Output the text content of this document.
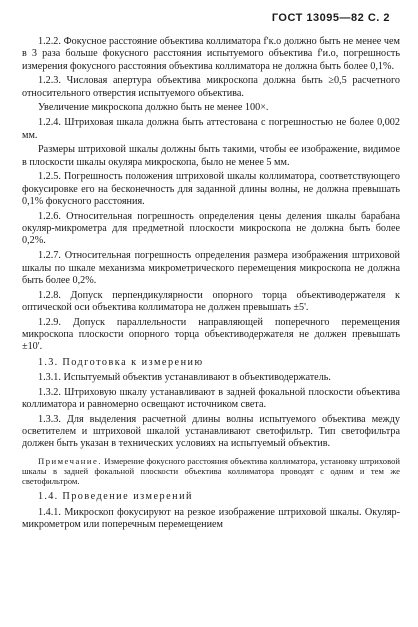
ГОСТ 13095—82 С. 2

1.2.2. Фокусное расстояние объектива коллиматора f'к.о должно быть не менее чем в 3 раза больше фокусного расстояния испытуемого объектива f'и.о, погрешность измерения фокусного расстояния объектива коллиматора не должна быть более 0,1%.

1.2.3. Числовая апертура объектива микроскопа должна быть ≥0,5 расчетного относительного отверстия испытуемого объектива.

Увеличение микроскопа должно быть не менее 100×.

1.2.4. Штриховая шкала должна быть аттестована с погрешностью не более 0,002 мм.

Размеры штриховой шкалы должны быть такими, чтобы ее изображение, видимое в плоскости шкалы окуляра микроскопа, было не менее 5 мм.

1.2.5. Погрешность положения штриховой шкалы коллиматора, соответствующего фокусировке его на бесконечность для заданной длины волны, не должна превышать 0,1% фокусного расстояния.

1.2.6. Относительная погрешность определения цены деления шкалы барабана окуляр-микрометра для предметной плоскости микроскопа не должна быть более 0,2%.

1.2.7. Относительная погрешность определения размера изображения штриховой шкалы по шкале механизма микрометрического перемещения микроскопа не должна быть более 0,2%.

1.2.8. Допуск перпендикулярности опорного торца объективодержателя к оптической оси объектива коллиматора не должен превышать ±5'.

1.2.9. Допуск параллельности направляющей поперечного перемещения микроскопа плоскости опорного торца объективодержателя не должен превышать ±10'.

1.3. Подготовка к измерению

1.3.1. Испытуемый объектив устанавливают в объективодержатель.

1.3.2. Штриховую шкалу устанавливают в задней фокальной плоскости объектива коллиматора и равномерно освещают источником света.

1.3.3. Для выделения расчетной длины волны испытуемого объектива между осветителем и штриховой шкалой устанавливают светофильтр. Тип светофильтра должен быть указан в технических условиях на испытуемый объектив.

Примечание. Измерение фокусного расстояния объектива коллиматора, установку штриховой шкалы в задней фокальной плоскости объектива коллиматора проводят с одним и тем же светофильтром.

1.4. Проведение измерений

1.4.1. Микроскоп фокусируют на резкое изображение штриховой шкалы. Окуляр-микрометром или поперечным перемещением
